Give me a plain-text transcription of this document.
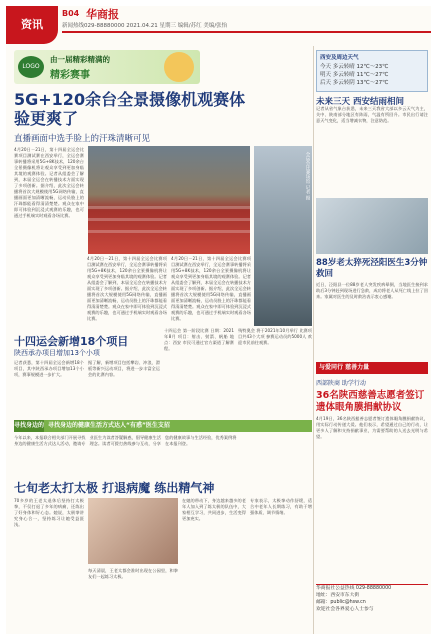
资讯
B04 华商报
新闻热线029-88880000 2021.04.21 星期三 编辑/苏红 美编/张怡
LOGO
由一届精彩精满的
精彩赛事
5G+120余台全景摄像机观赛体验更爽了
直播画面中选手脸上的汗珠清晰可见
4月20日－21日，第十四届全运会比赛项目测试赛在西安举行，全运会赛事转播将采用5G+8K技术，120余台全景摄像机将让观众享受到更加身临其境的观赛体验。记者从组委会了解到，本届全运会在转播技术方面实现了多项创新。据介绍，此次全运会转播将首次大规模使用5G网络传输，直播画面更加清晰流畅，运动员脸上的汗珠都能看得清清楚楚。观众在家中即可体验到沉浸式观赛的乐趣，也可通过手机端实时观看各场比赛。
4月20日－21日，第十四届全运会比赛项目测试赛在西安举行，全运会赛事转播将采用5G+8K技术，120余台全景摄像机将让观众享受到更加身临其境的观赛体验。记者从组委会了解到，本届全运会在转播技术方面实现了多项创新。据介绍，此次全运会转播将首次大规模使用5G网络传输，直播画面更加清晰流畅，运动员脸上的汗珠都能看得清清楚楚。观众在家中即可体验到沉浸式观赛的乐趣，也可通过手机端实时观看各场比赛。
4月20日－21日，第十四届全运会比赛项目测试赛在西安举行，全运会赛事转播将采用5G+8K技术，120余台全景摄像机将让观众享受到更加身临其境的观赛体验。记者从组委会了解到，本届全运会在转播技术方面实现了多项创新。据介绍，此次全运会转播将首次大规模使用5G网络传输，直播画面更加清晰流畅，运动员脸上的汗珠都能看得清清楚楚。观众在家中即可体验到沉浸式观赛的乐趣，也可通过手机端实时观看各场比赛。
全运会比赛场馆 记者 摄
西安及周边天气
今天 多云转晴 12℃～23℃
明天 多云转晴 11℃～27℃
后天 多云转阴 13℃～27℃
未来三天 西安结雨相间
记者从省气象台获悉，未来三天我省大部以多云天气为主，关中、陕南部分地区有阵雨，气温有所回升。市民出行请注意天气变化，适当增减衣物，注意防范。
88岁老太猝死泾阳医生3分钟救回
近日，泾阳县一位88岁老人突发疾病晕倒，当地医生接到求助后3分钟赶到现场进行急救，成功将老人从死亡线上拉了回来。家属对医生的及时救治表示衷心感谢。
十四运会新增18个项目
陕西承办项目增加13个小项
记者获悉，第十四届全运会新增18个项目，其中陕西承办项目增加13个小项，赛事规模进一步扩大。
据了解，新增项目包括攀岩、冲浪、滑板等新兴运动项目，将进一步丰富全运会的比赛内容。
十四运会 第一阶段比赛 日期：2021年8月 项目：射击、射箭、帆船 地点：西安 市民可通过官方渠道了解赛程。
残特奥会 将于2021年10月举行 比赛项目共43个大项 参赛运动员约5000人 欢迎市民前往观赛。
寻找身边的 寻找身边的健康生活方式达人“有惑”医生支招
今年以来，本报联合相关部门开展寻找身边的健康生活方式达人活动，邀请专业医生为读者答疑解惑，倡导健康生活理念。读者可拨打热线参与互动，分享您的健康故事与生活经验，优秀案例将在本报刊登。
与爱同行 慈善力量
西部陕商 助学行动
36名陕西慈善志愿者签订遗体眼角膜捐献协议
4月19日，36名陕西慈善志愿者签订遗体眼角膜捐献协议，用实际行动传递大爱。他们表示，希望通过自己的行动，让更多人了解和支持捐献事业，为需要帮助的人送去光明与希望。
华商报社公益热线 029-88880000
地址：西安市东大街
邮箱：public@hsw.cn
欢迎社会各界爱心人士参与
七旬老太打太极 打退病魔 练出精气神
70多岁的王老太退休后坚持打太极拳，不仅打退了多年的病痛，还练出了好身体和好心态。她说，太极拳讲究身心合一，坚持练习让她受益匪浅。
每天清晨，王老太都会准时出现在公园里，和拳友们一起练习太极。
在她的带动下，身边越来越多的老年人加入到了练太极的队伍中，大家相互学习，共同进步，生活变得更加充实。
专家表示，太极拳动作舒缓，适合中老年人长期练习，有助于增强体质、调节情绪。
